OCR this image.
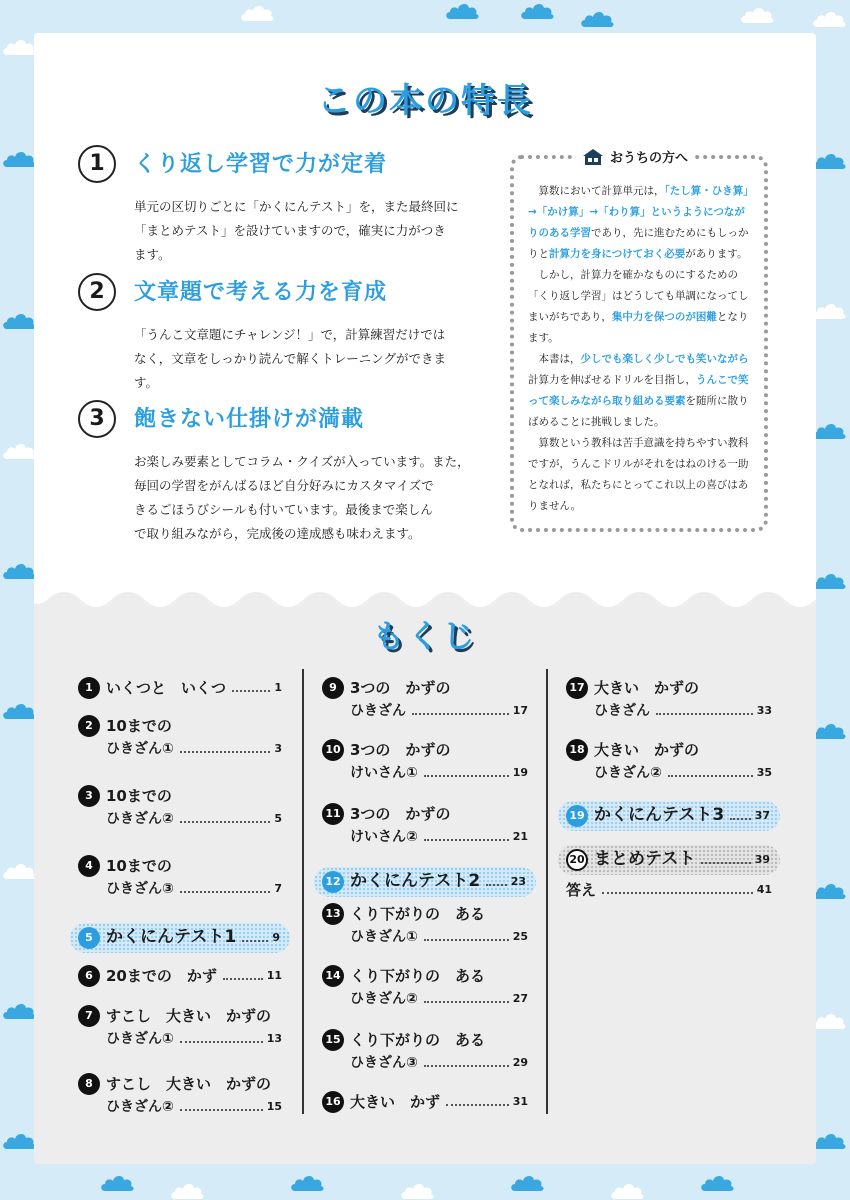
この本の特長
1	くり返し学習で力が定着
単元の区切りごとに「かくにんテスト」を，また最終回に
「まとめテスト」を設けていますので，確実に力がつき
ます。
2	文章題で考える力を育成
「うんこ文章題にチャレンジ！」で，計算練習だけでは
なく，文章をしっかり読んで解くトレーニングができま
す。
3	飽きない仕掛けが満載
お楽しみ要素としてコラム・クイズが入っています。また，
毎回の学習をがんばるほど自分好みにカスタマイズで
きるごほうびシールも付いています。最後まで楽しん
で取り組みながら，完成後の達成感も味わえます。
おうちの方へ

算数において計算単元は，「たし算・ひき算」→「かけ算」→「わり算」というようにつながりのある学習であり，先に進むためにもしっかりと計算力を身につけておく必要があります。

しかし，計算力を確かなものにするための「くり返し学習」はどうしても単調になってしまいがちであり，集中力を保つのが困難となります。

本書は，少しでも楽しく少しでも笑いながら計算力を伸ばせるドリルを目指し，うんこで笑って楽しみながら取り組める要素を随所に散りばめることに挑戦しました。

算数という教科は苦手意識を持ちやすい教科ですが，うんこドリルがそれをはねのける一助となれば，私たちにとってこれ以上の喜びはありません。

もくじ
1 いくつと　いくつ	1
2 10までの
ひきざん①	3
3 10までの
ひきざん②	5
4 10までの
ひきざん③	7
5 かくにんテスト1	9
6 20までの　かず	11
7 すこし　大きい　かずの
ひきざん①	13
8 すこし　大きい　かずの
ひきざん②	15
9 3つの　かずの
ひきざん	17
10 3つの　かずの
けいさん①	19
11 3つの　かずの
けいさん②	21
12 かくにんテスト2	23
13 くり下がりの　ある
ひきざん①	25
14 くり下がりの　ある
ひきざん②	27
15 くり下がりの　ある
ひきざん③	29
16 大きい　かず	31
17 大きい　かずの
ひきざん	33
18 大きい　かずの
ひきざん②	35
19 かくにんテスト3	37
20 まとめテスト	39
答え	41
